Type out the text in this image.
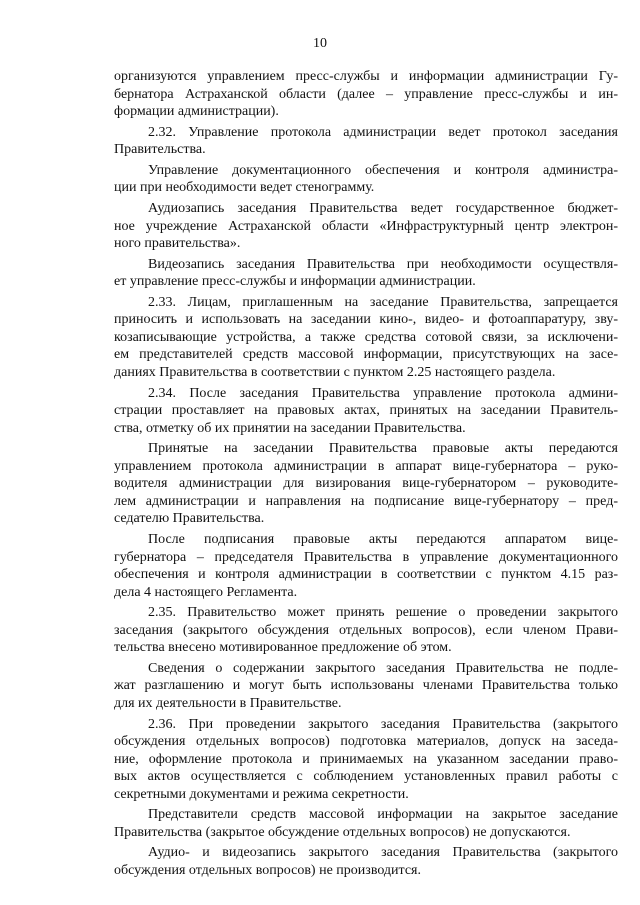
10
организуются управлением пресс-службы и информации администрации Гу-
бернатора Астраханской области (далее – управление пресс-службы и ин-
формации администрации).
2.32. Управление протокола администрации ведет протокол заседания
Правительства.
Управление документационного обеспечения и контроля администра-
ции при необходимости ведет стенограмму.
Аудиозапись заседания Правительства ведет государственное бюджет-
ное учреждение Астраханской области «Инфраструктурный центр электрон-
ного правительства».
Видеозапись заседания Правительства при необходимости осуществля-
ет управление пресс-службы и информации администрации.
2.33. Лицам, приглашенным на заседание Правительства, запрещается
приносить и использовать на заседании кино-, видео- и фотоаппаратуру, зву-
козаписывающие устройства, а также средства сотовой связи, за исключени-
ем представителей средств массовой информации, присутствующих на засе-
даниях Правительства в соответствии с пунктом 2.25 настоящего раздела.
2.34. После заседания Правительства управление протокола админи-
страции проставляет на правовых актах, принятых на заседании Правитель-
ства, отметку об их принятии на заседании Правительства.
Принятые на заседании Правительства правовые акты передаются
управлением протокола администрации в аппарат вице-губернатора – руко-
водителя администрации для визирования вице-губернатором – руководите-
лем администрации и направления на подписание вице-губернатору – пред-
седателю Правительства.
После подписания правовые акты передаются аппаратом вице-
губернатора – председателя Правительства в управление документационного
обеспечения и контроля администрации в соответствии с пунктом 4.15 раз-
дела 4 настоящего Регламента.
2.35. Правительство может принять решение о проведении закрытого
заседания (закрытого обсуждения отдельных вопросов), если членом Прави-
тельства внесено мотивированное предложение об этом.
Сведения о содержании закрытого заседания Правительства не подле-
жат разглашению и могут быть использованы членами Правительства только
для их деятельности в Правительстве.
2.36. При проведении закрытого заседания Правительства (закрытого
обсуждения отдельных вопросов) подготовка материалов, допуск на заседа-
ние, оформление протокола и принимаемых на указанном заседании право-
вых актов осуществляется с соблюдением установленных правил работы с
секретными документами и режима секретности.
Представители средств массовой информации на закрытое заседание
Правительства (закрытое обсуждение отдельных вопросов) не допускаются.
Аудио- и видеозапись закрытого заседания Правительства (закрытого
обсуждения отдельных вопросов) не производится.
